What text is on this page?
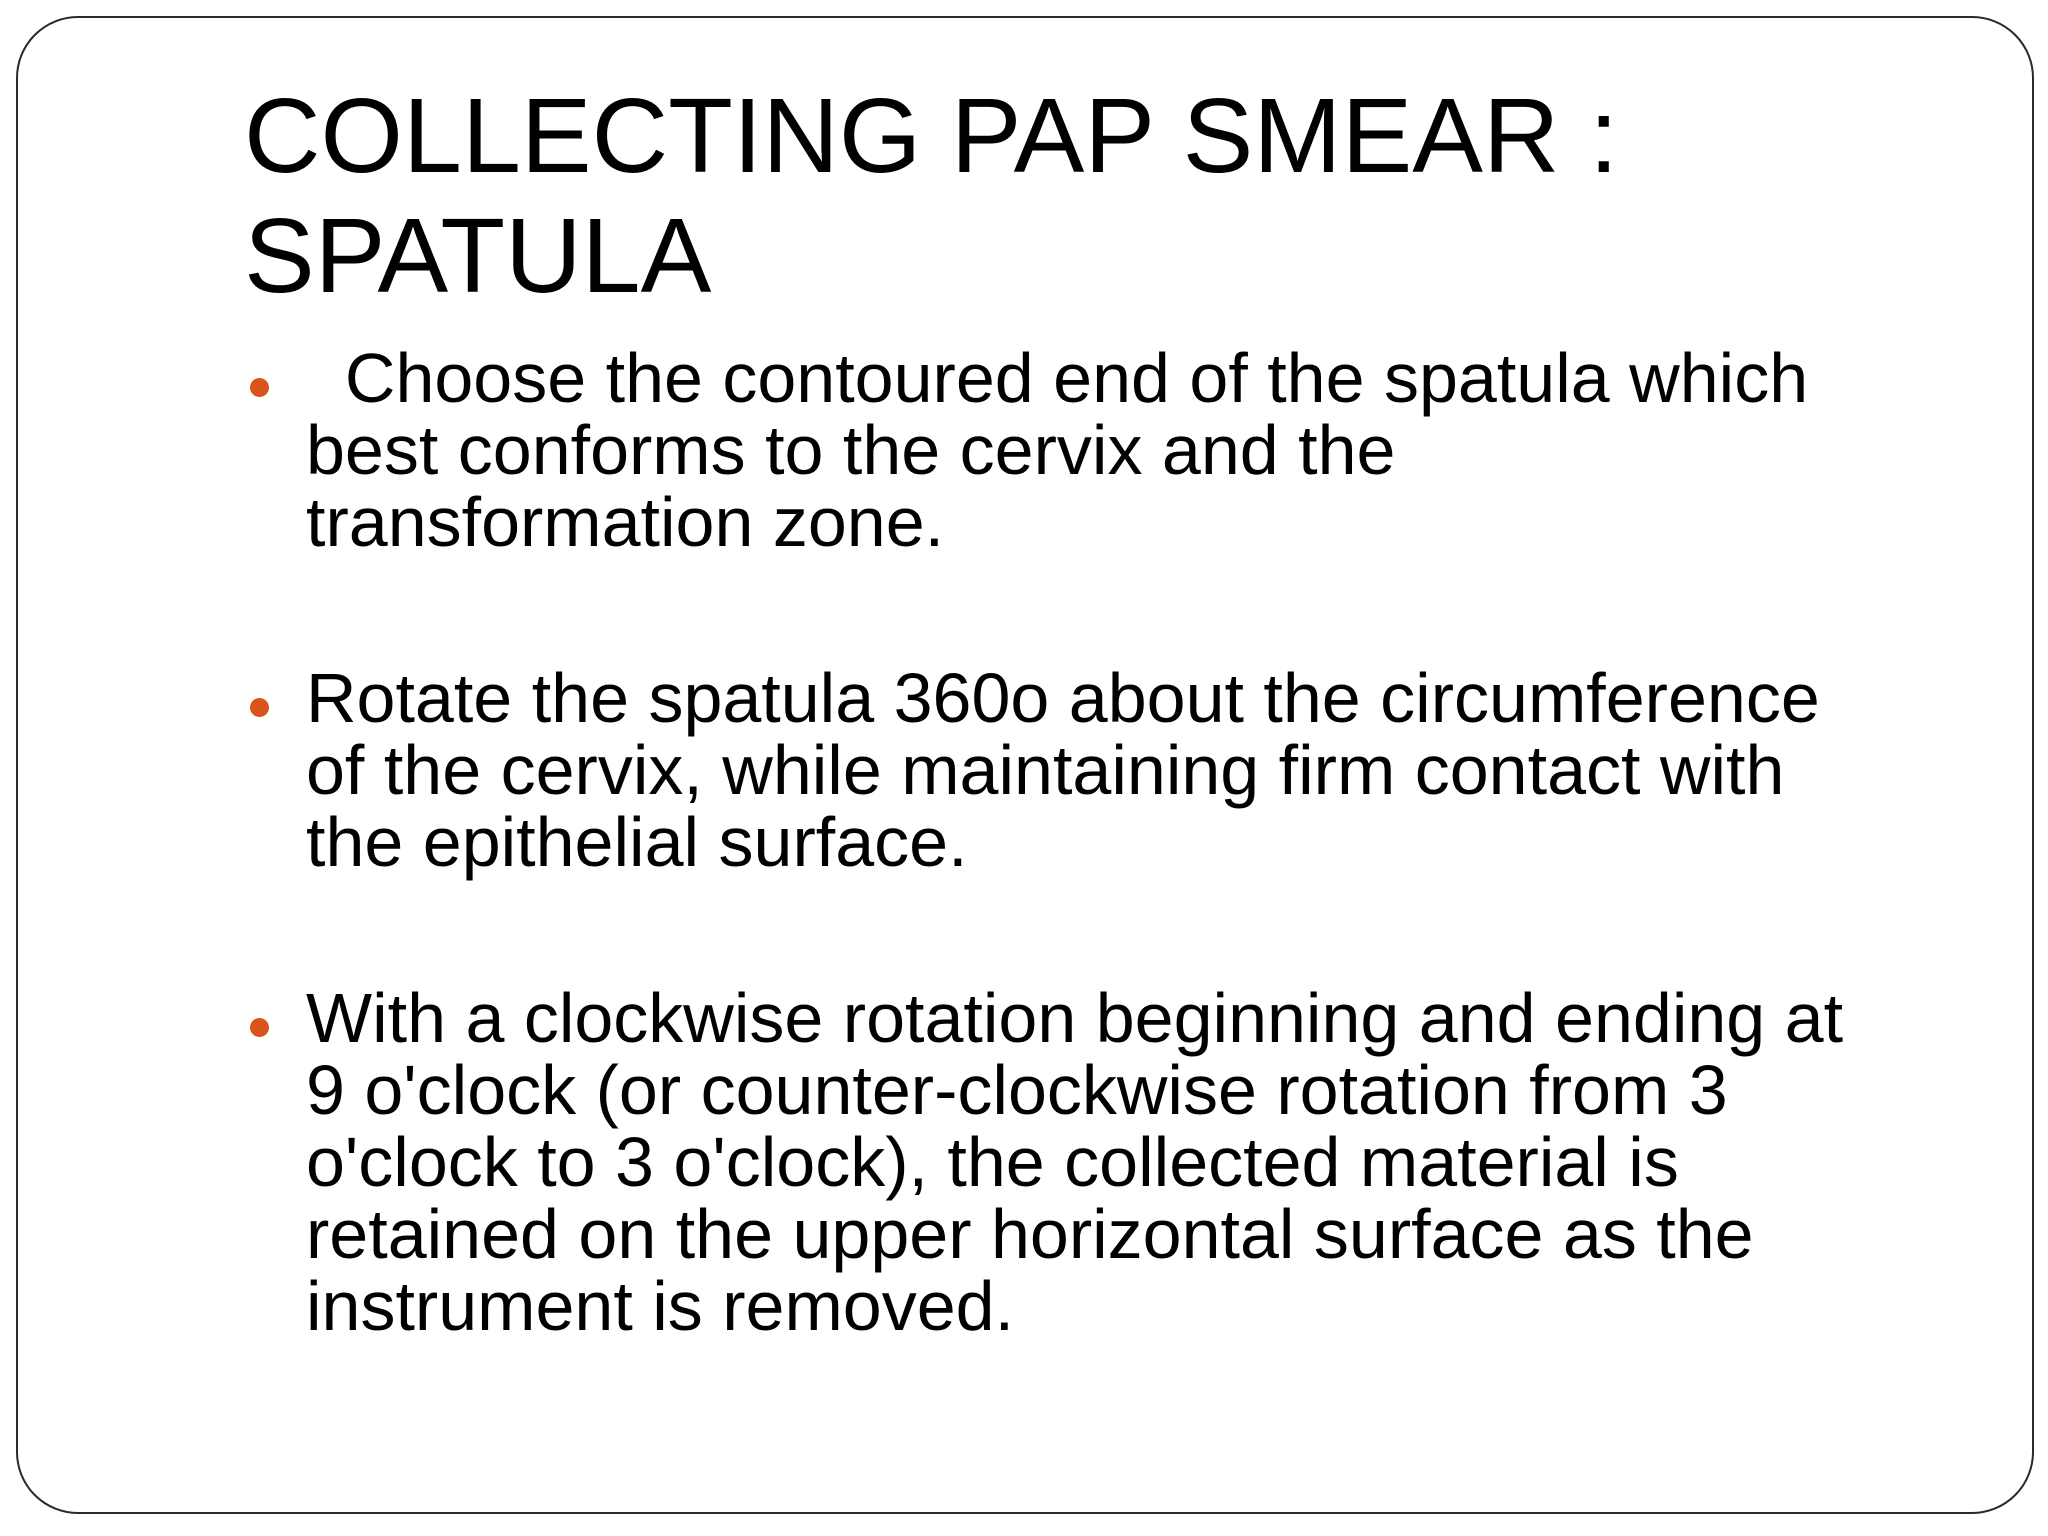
COLLECTING PAP SMEAR :
SPATULA
Choose the contoured end of the spatula which
best conforms to the cervix and the
transformation zone.
Rotate the spatula 360o about the circumference
of the cervix, while maintaining firm contact with
the epithelial surface.
With a clockwise rotation beginning and ending at
9 o'clock (or counter-clockwise rotation from 3
o'clock to 3 o'clock), the collected material is
retained on the upper horizontal surface as the
instrument is removed.
